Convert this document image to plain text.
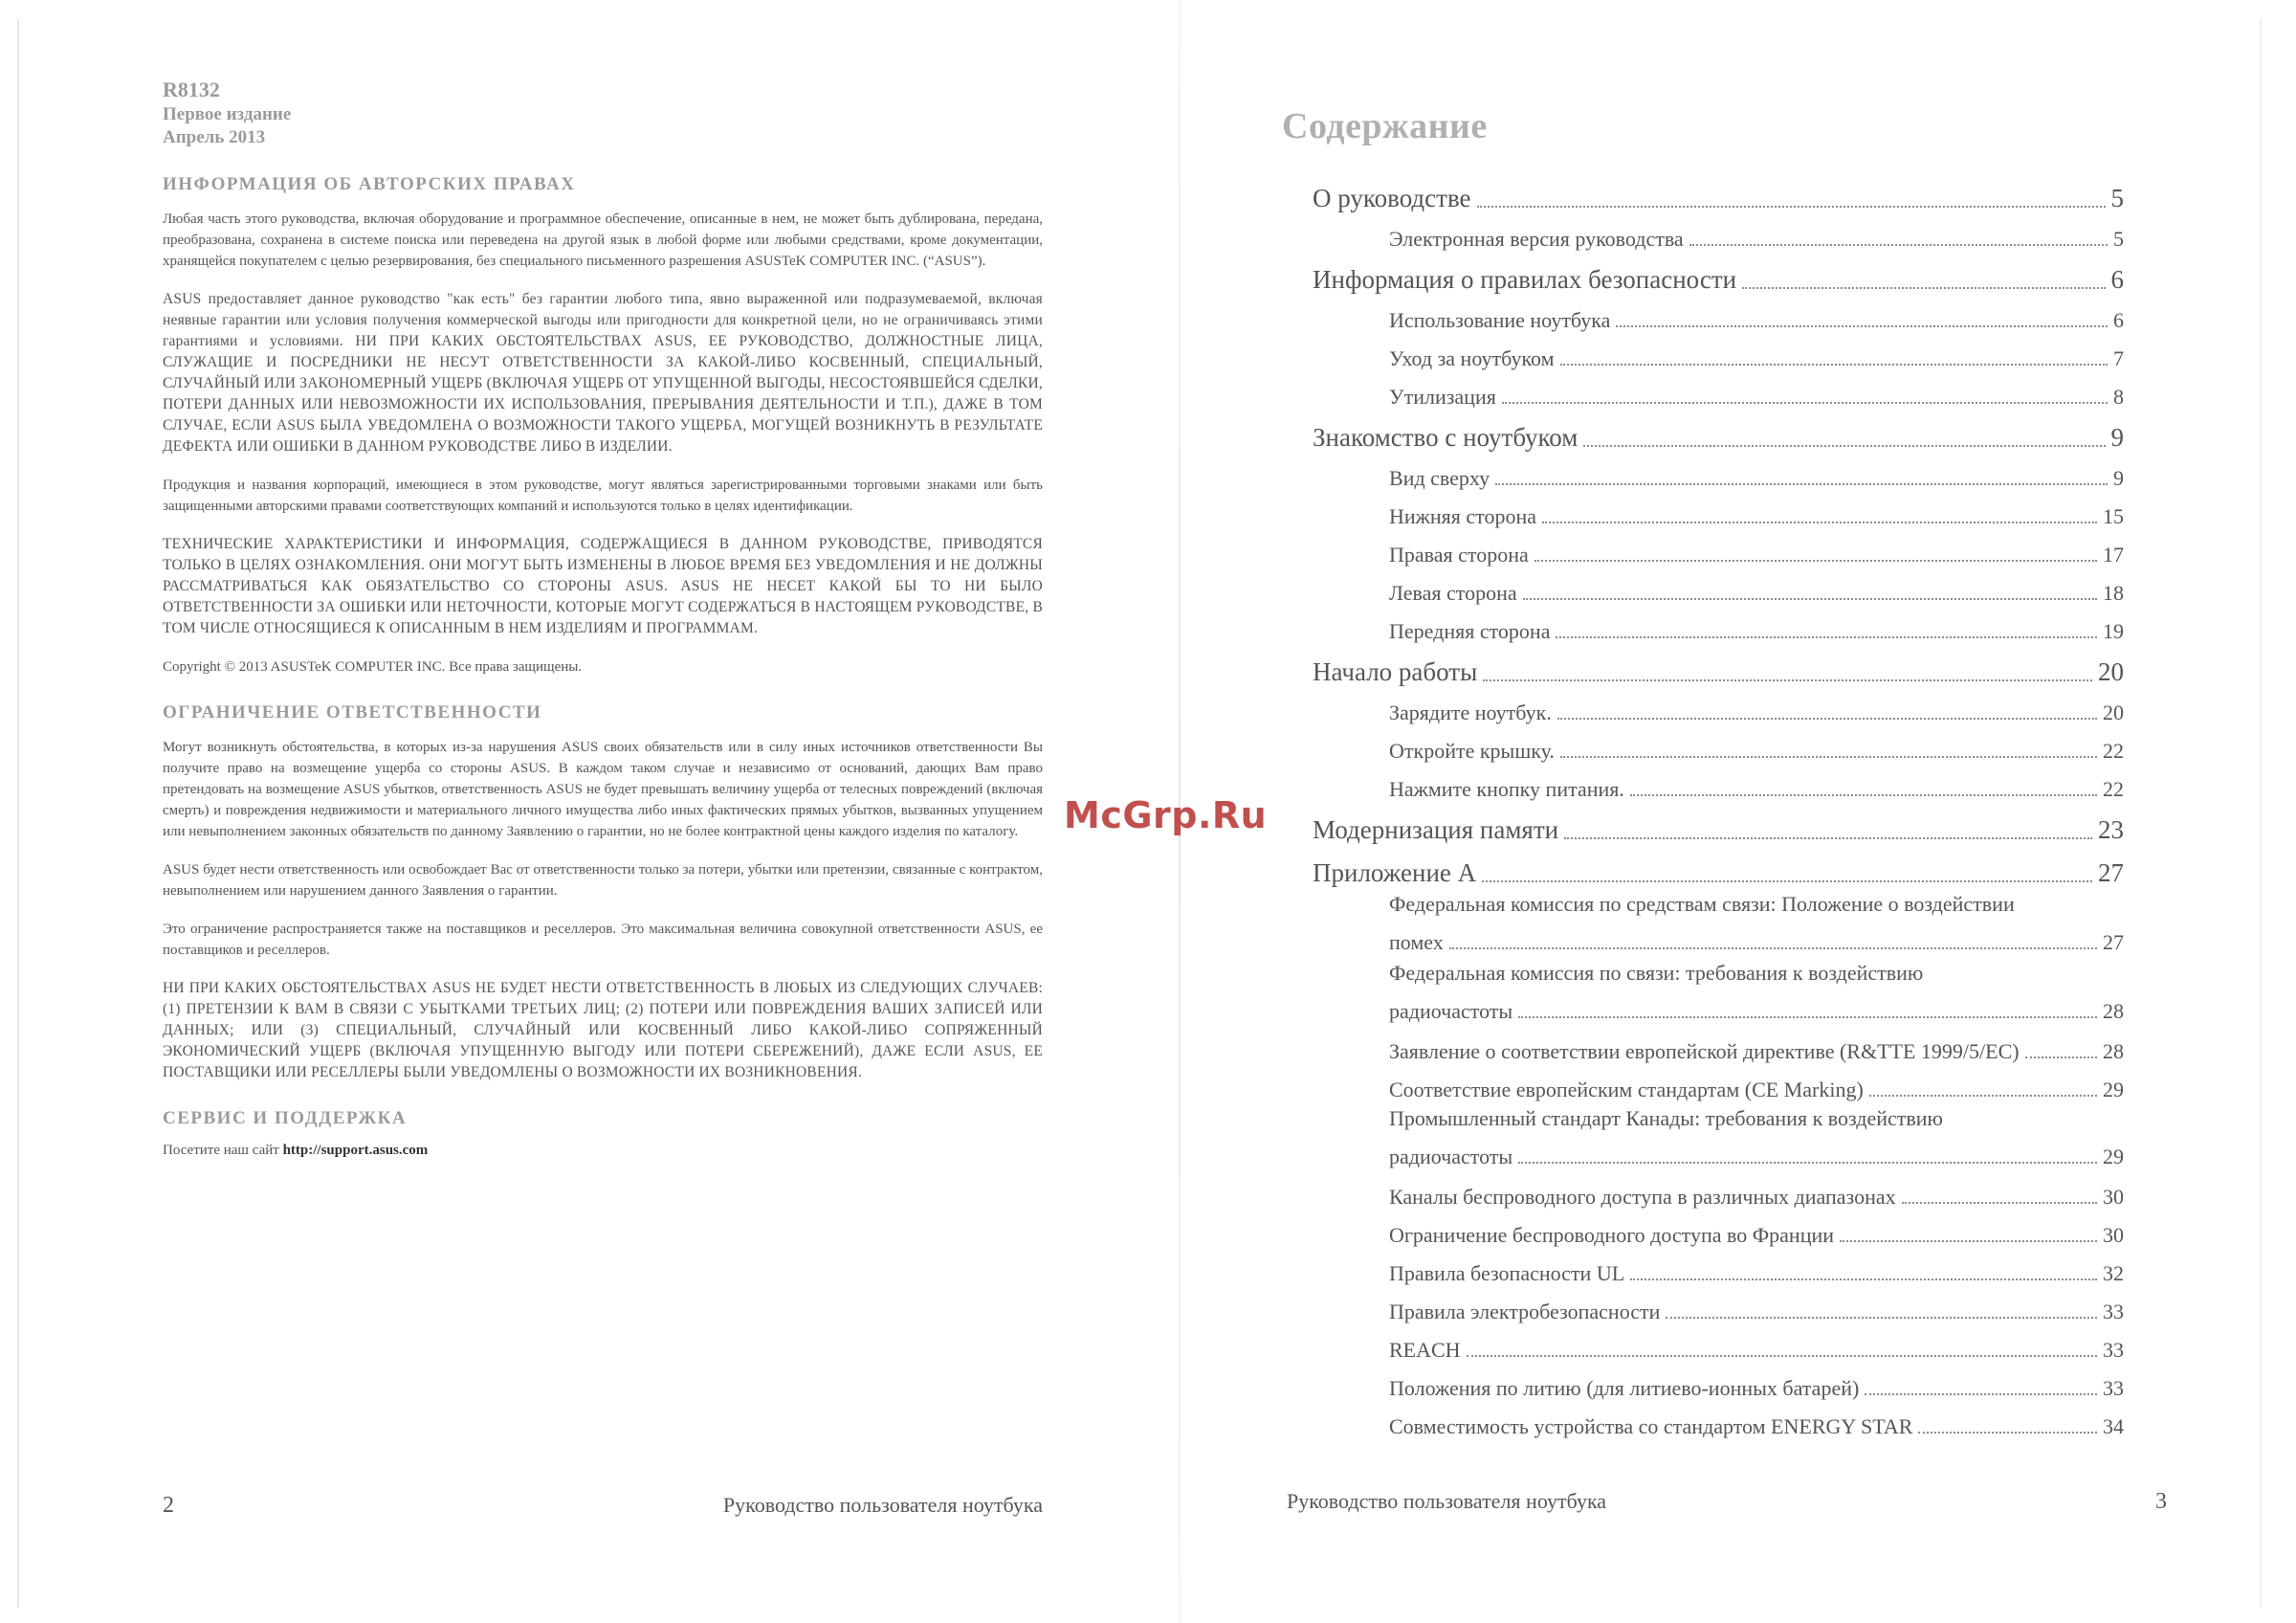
R8132
Первое издание
Апрель 2013
ИНФОРМАЦИЯ ОБ АВТОРСКИХ ПРАВАХ

Любая часть этого руководства, включая оборудование и программное обеспечение, описанные в нем, не может быть дублирована, передана, преобразована, сохранена в системе поиска или переведена на другой язык в любой форме или любыми средствами, кроме документации, хранящейся покупателем с целью резервирования, без специального письменного разрешения ASUSTeK COMPUTER INC. (“ASUS”).

ASUS предоставляет данное руководство "как есть" без гарантии любого типа, явно выраженной или подразумеваемой, включая неявные гарантии или условия получения коммерческой выгоды или пригодности для конкретной цели, но не ограничиваясь этими гарантиями и условиями. НИ ПРИ КАКИХ ОБСТОЯТЕЛЬСТВАХ ASUS, ЕЕ РУКОВОДСТВО, ДОЛЖНОСТНЫЕ ЛИЦА, СЛУЖАЩИЕ И ПОСРЕДНИКИ НЕ НЕСУТ ОТВЕТСТВЕННОСТИ ЗА КАКОЙ-ЛИБО КОСВЕННЫЙ, СПЕЦИАЛЬНЫЙ, СЛУЧАЙНЫЙ ИЛИ ЗАКОНОМЕРНЫЙ УЩЕРБ (ВКЛЮЧАЯ УЩЕРБ ОТ УПУЩЕННОЙ ВЫГОДЫ, НЕСОСТОЯВШЕЙСЯ СДЕЛКИ, ПОТЕРИ ДАННЫХ ИЛИ НЕВОЗМОЖНОСТИ ИХ ИСПОЛЬЗОВАНИЯ, ПРЕРЫВАНИЯ ДЕЯТЕЛЬНОСТИ И Т.П.), ДАЖЕ В ТОМ СЛУЧАЕ, ЕСЛИ ASUS БЫЛА УВЕДОМЛЕНА О ВОЗМОЖНОСТИ ТАКОГО УЩЕРБА, МОГУЩЕЙ ВОЗНИКНУТЬ В РЕЗУЛЬТАТЕ ДЕФЕКТА ИЛИ ОШИБКИ В ДАННОМ РУКОВОДСТВЕ ЛИБО В ИЗДЕЛИИ.

Продукция и названия корпораций, имеющиеся в этом руководстве, могут являться зарегистрированными торговыми знаками или быть защищенными авторскими правами соответствующих компаний и используются только в целях идентификации.

ТЕХНИЧЕСКИЕ ХАРАКТЕРИСТИКИ И ИНФОРМАЦИЯ, СОДЕРЖАЩИЕСЯ В ДАННОМ РУКОВОДСТВЕ, ПРИВОДЯТСЯ ТОЛЬКО В ЦЕЛЯХ ОЗНАКОМЛЕНИЯ. ОНИ МОГУТ БЫТЬ ИЗМЕНЕНЫ В ЛЮБОЕ ВРЕМЯ БЕЗ УВЕДОМЛЕНИЯ И НЕ ДОЛЖНЫ РАССМАТРИВАТЬСЯ КАК ОБЯЗАТЕЛЬСТВО СО СТОРОНЫ ASUS. ASUS НЕ НЕСЕТ КАКОЙ БЫ ТО НИ БЫЛО ОТВЕТСТВЕННОСТИ ЗА ОШИБКИ ИЛИ НЕТОЧНОСТИ, КОТОРЫЕ МОГУТ СОДЕРЖАТЬСЯ В НАСТОЯЩЕМ РУКОВОДСТВЕ, В ТОМ ЧИСЛЕ ОТНОСЯЩИЕСЯ К ОПИСАННЫМ В НЕМ ИЗДЕЛИЯМ И ПРОГРАММАМ.

Copyright © 2013 ASUSTeK COMPUTER INC. Все права защищены.

ОГРАНИЧЕНИЕ ОТВЕТСТВЕННОСТИ

Могут возникнуть обстоятельства, в которых из-за нарушения ASUS своих обязательств или в силу иных источников ответственности Вы получите право на возмещение ущерба со стороны ASUS. В каждом таком случае и независимо от оснований, дающих Вам право претендовать на возмещение ASUS убытков, ответственность ASUS не будет превышать величину ущерба от телесных повреждений (включая смерть) и повреждения недвижимости и материального личного имущества либо иных фактических прямых убытков, вызванных упущением или невыполнением законных обязательств по данному Заявлению о гарантии, но не более контрактной цены каждого изделия по каталогу.

ASUS будет нести ответственность или освобождает Вас от ответственности только за потери, убытки или претензии, связанные с контрактом, невыполнением или нарушением данного Заявления о гарантии.

Это ограничение распространяется также на поставщиков и реселлеров. Это максимальная величина совокупной ответственности ASUS, ее поставщиков и реселлеров.

НИ ПРИ КАКИХ ОБСТОЯТЕЛЬСТВАХ ASUS НЕ БУДЕТ НЕСТИ ОТВЕТСТВЕННОСТЬ В ЛЮБЫХ ИЗ СЛЕДУЮЩИХ СЛУЧАЕВ: (1) ПРЕТЕНЗИИ К ВАМ В СВЯЗИ С УБЫТКАМИ ТРЕТЬИХ ЛИЦ; (2) ПОТЕРИ ИЛИ ПОВРЕЖДЕНИЯ ВАШИХ ЗАПИСЕЙ ИЛИ ДАННЫХ; ИЛИ (3) СПЕЦИАЛЬНЫЙ, СЛУЧАЙНЫЙ ИЛИ КОСВЕННЫЙ ЛИБО КАКОЙ-ЛИБО СОПРЯЖЕННЫЙ ЭКОНОМИЧЕСКИЙ УЩЕРБ (ВКЛЮЧАЯ УПУЩЕННУЮ ВЫГОДУ ИЛИ ПОТЕРИ СБЕРЕЖЕНИЙ), ДАЖЕ ЕСЛИ ASUS, ЕЕ ПОСТАВЩИКИ ИЛИ РЕСЕЛЛЕРЫ БЫЛИ УВЕДОМЛЕНЫ О ВОЗМОЖНОСТИ ИХ ВОЗНИКНОВЕНИЯ.

СЕРВИС И ПОДДЕРЖКА
Посетите наш сайт http://support.asus.com
2	Руководство пользователя ноутбука
Содержание
О руководстве	5
Электронная версия руководства	5
Информация о правилах безопасности	6
Использование ноутбука	6
Уход за ноутбуком	7
Утилизация	8
Знакомство с ноутбуком	9
Вид сверху	9
Нижняя сторона	15
Правая сторона	17
Левая сторона	18
Передняя сторона	19
Начало работы	20
Зарядите ноутбук.	20
Откройте крышку.	22
Нажмите кнопку питания.	22
Модернизация памяти	23
Приложение А	27
Федеральная комиссия по средствам связи: Положение о воздействии
помех	27
Федеральная комиссия по связи: требования к воздействию
радиочастоты	28
Заявление о соответствии европейской директиве (R&TTE 1999/5/EC)	28
Соответствие европейским стандартам (CE Marking)	29
Промышленный стандарт Канады: требования к воздействию
радиочастоты	29
Каналы беспроводного доступа в различных диапазонах	30
Ограничение беспроводного доступа во Франции	30
Правила безопасности UL	32
Правила электробезопасности	33
REACH	33
Положения по литию (для литиево-ионных батарей)	33
Совместимость устройства со стандартом ENERGY STAR	34
Руководство пользователя ноутбука	3
McGrp.Ru
